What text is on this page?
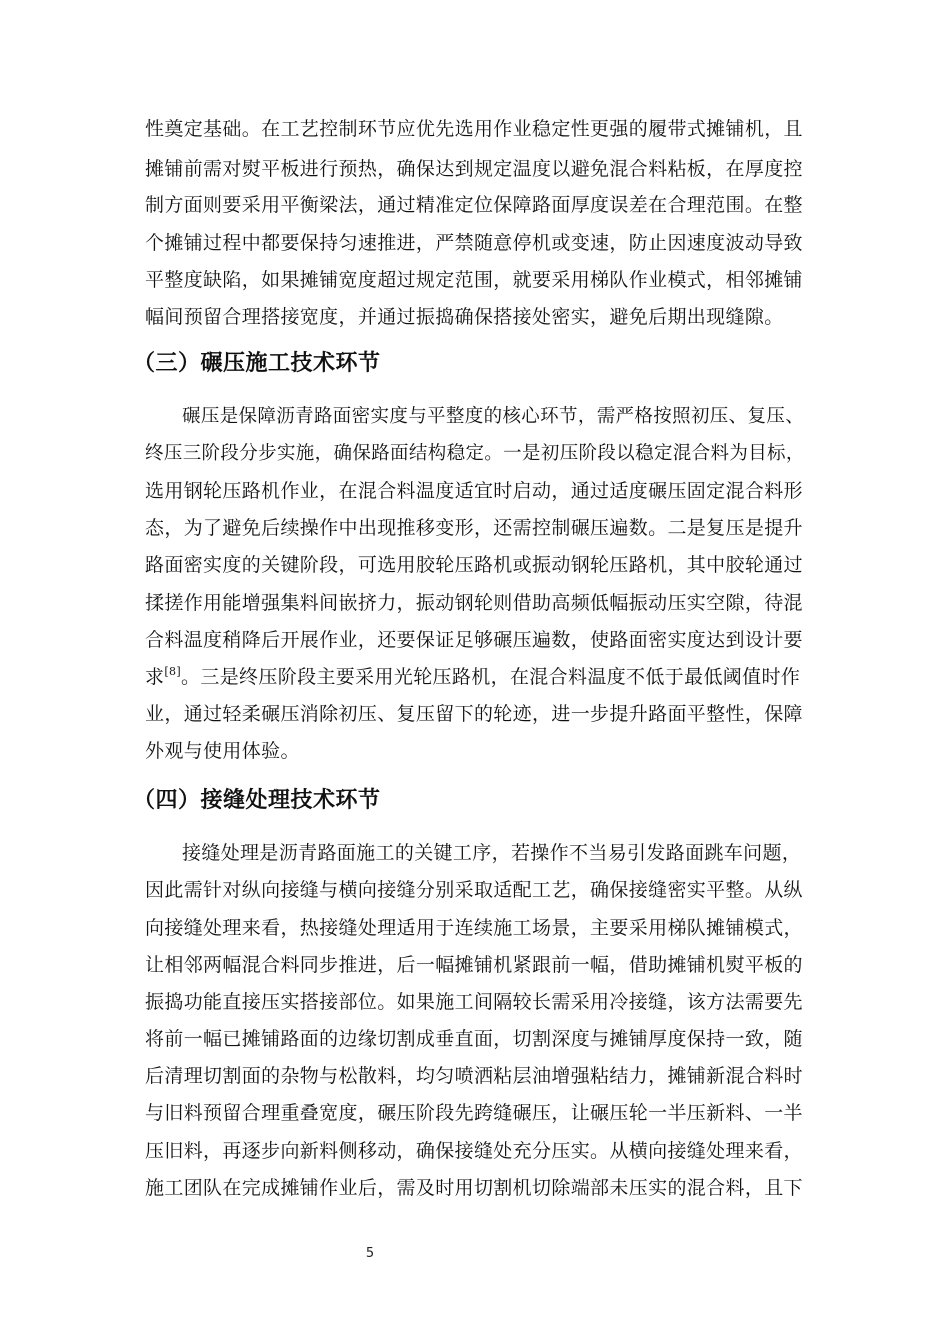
性奠定基础。在工艺控制环节应优先选用作业稳定性更强的履带式摊铺机，且
摊铺前需对熨平板进行预热，确保达到规定温度以避免混合料粘板，在厚度控
制方面则要采用平衡梁法，通过精准定位保障路面厚度误差在合理范围。在整
个摊铺过程中都要保持匀速推进，严禁随意停机或变速，防止因速度波动导致
平整度缺陷，如果摊铺宽度超过规定范围，就要采用梯队作业模式，相邻摊铺
幅间预留合理搭接宽度，并通过振捣确保搭接处密实，避免后期出现缝隙。
（三）碾压施工技术环节
碾压是保障沥青路面密实度与平整度的核心环节，需严格按照初压、复压、
终压三阶段分步实施，确保路面结构稳定。一是初压阶段以稳定混合料为目标，
选用钢轮压路机作业，在混合料温度适宜时启动，通过适度碾压固定混合料形
态，为了避免后续操作中出现推移变形，还需控制碾压遍数。二是复压是提升
路面密实度的关键阶段，可选用胶轮压路机或振动钢轮压路机，其中胶轮通过
揉搓作用能增强集料间嵌挤力，振动钢轮则借助高频低幅振动压实空隙，待混
合料温度稍降后开展作业，还要保证足够碾压遍数，使路面密实度达到设计要
求[8]。三是终压阶段主要采用光轮压路机，在混合料温度不低于最低阈值时作
业，通过轻柔碾压消除初压、复压留下的轮迹，进一步提升路面平整性，保障
外观与使用体验。
（四）接缝处理技术环节
接缝处理是沥青路面施工的关键工序，若操作不当易引发路面跳车问题，
因此需针对纵向接缝与横向接缝分别采取适配工艺，确保接缝密实平整。从纵
向接缝处理来看，热接缝处理适用于连续施工场景，主要采用梯队摊铺模式，
让相邻两幅混合料同步推进，后一幅摊铺机紧跟前一幅，借助摊铺机熨平板的
振捣功能直接压实搭接部位。如果施工间隔较长需采用冷接缝，该方法需要先
将前一幅已摊铺路面的边缘切割成垂直面，切割深度与摊铺厚度保持一致，随
后清理切割面的杂物与松散料，均匀喷洒粘层油增强粘结力，摊铺新混合料时
与旧料预留合理重叠宽度，碾压阶段先跨缝碾压，让碾压轮一半压新料、一半
压旧料，再逐步向新料侧移动，确保接缝处充分压实。从横向接缝处理来看，
施工团队在完成摊铺作业后，需及时用切割机切除端部未压实的混合料，且下
5
